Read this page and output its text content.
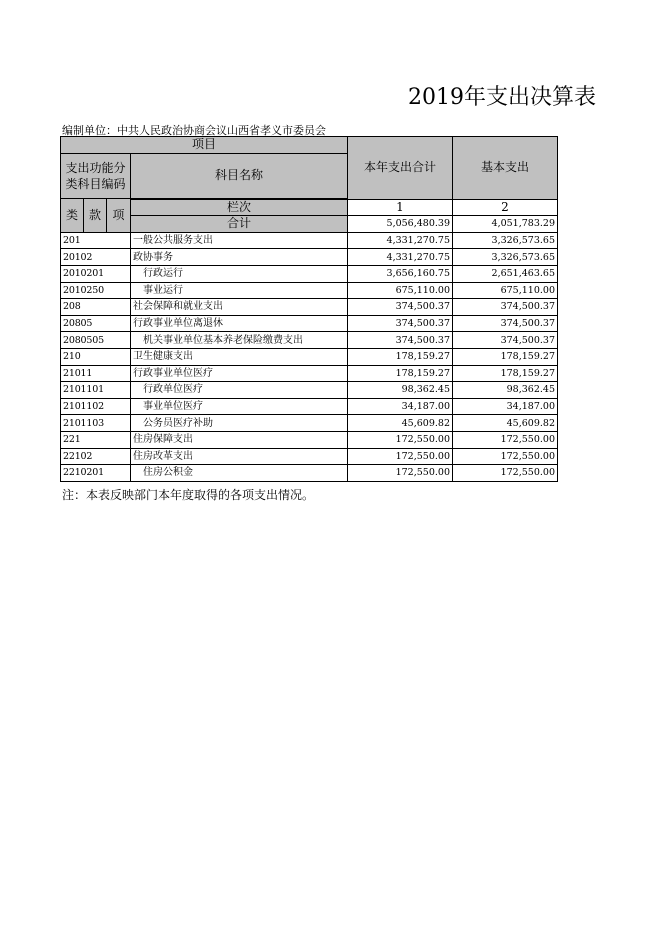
2019年支出决算表
编制单位：中共人民政治协商会议山西省孝义市委员会
项目				本年支出合计	基本支出
支出功能分类科目编码			科目名称		

类	款	项			
			栏次	1	2
			合计	5,056,480.39	4,051,783.29
201			一般公共服务支出	4,331,270.75	3,326,573.65
20102			政协事务	4,331,270.75	3,326,573.65
2010201			行政运行	3,656,160.75	2,651,463.65
2010250			事业运行	675,110.00	675,110.00
208			社会保障和就业支出	374,500.37	374,500.37
20805			行政事业单位离退休	374,500.37	374,500.37
2080505			机关事业单位基本养老保险缴费支出	374,500.37	374,500.37
210			卫生健康支出	178,159.27	178,159.27
21011			行政事业单位医疗	178,159.27	178,159.27
2101101			行政单位医疗	98,362.45	98,362.45
2101102			事业单位医疗	34,187.00	34,187.00
2101103			公务员医疗补助	45,609.82	45,609.82
221			住房保障支出	172,550.00	172,550.00
22102			住房改革支出	172,550.00	172,550.00
2210201			住房公积金	172,550.00	172,550.00
注：本表反映部门本年度取得的各项支出情况。
